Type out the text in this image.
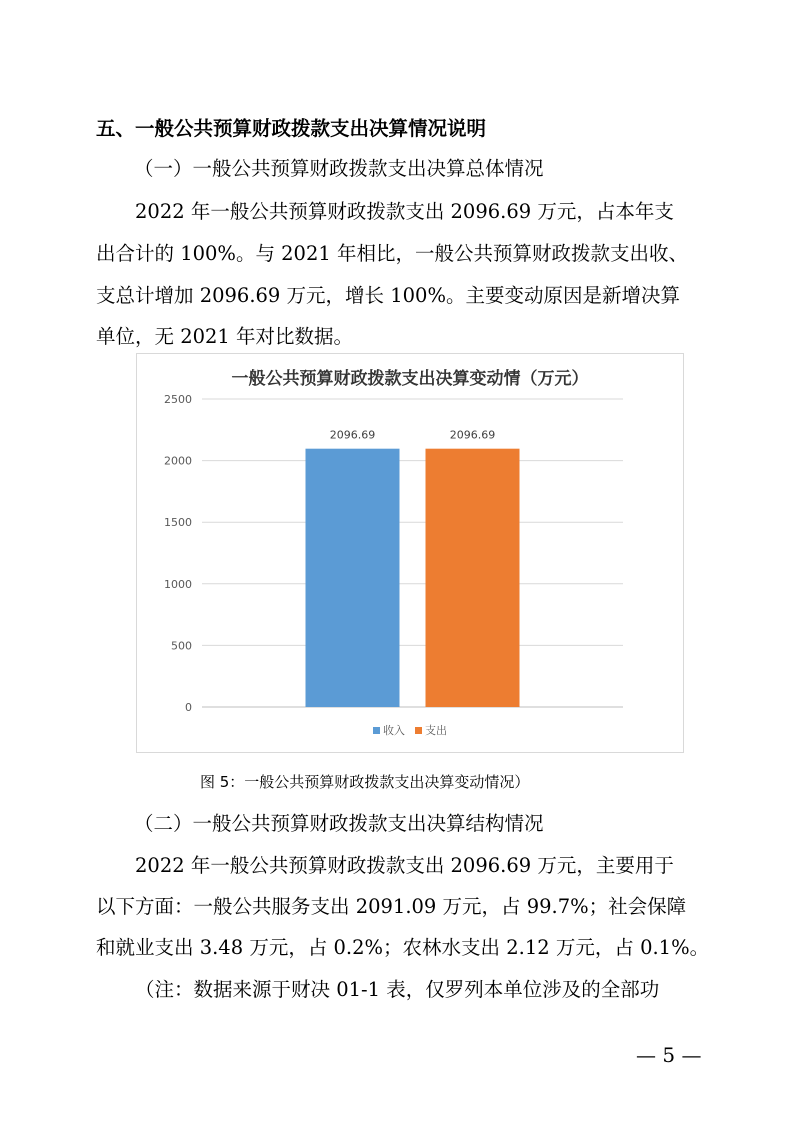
五、一般公共预算财政拨款支出决算情况说明
（一）一般公共预算财政拨款支出决算总体情况
2022 年一般公共预算财政拨款支出 2096.69 万元，占本年支
出合计的 100%。与 2021 年相比，一般公共预算财政拨款支出收、
支总计增加 2096.69 万元，增长 100%。主要变动原因是新增决算
单位，无 2021 年对比数据。
一般公共预算财政拨款支出决算变动情（万元）
0
500
1000
1500
2000
2500
2096.69	2096.69
收入 支出
图 5：一般公共预算财政拨款支出决算变动情况）
（二）一般公共预算财政拨款支出决算结构情况
2022 年一般公共预算财政拨款支出 2096.69 万元，主要用于
以下方面：一般公共服务支出 2091.09 万元，占 99.7%；社会保障
和就业支出 3.48 万元，占 0.2%；农林水支出 2.12 万元，占 0.1%。
（注：数据来源于财决 01-1 表，仅罗列本单位涉及的全部功
— 5 —
